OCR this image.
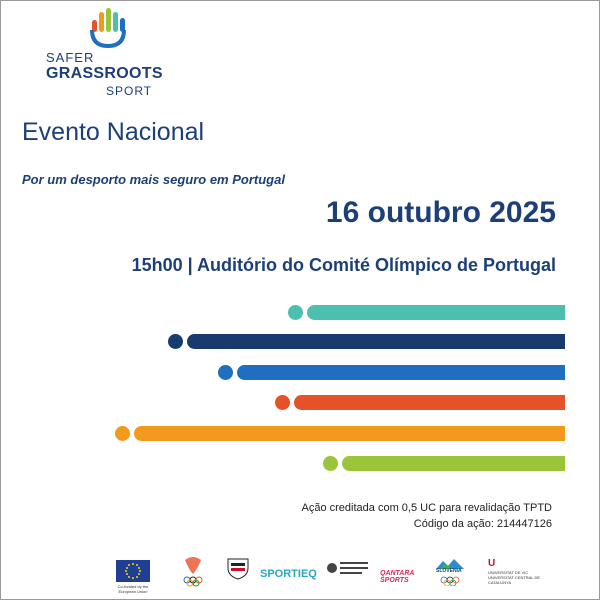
SAFER
GRASSROOTS
SPORT
Evento Nacional
Por um desporto mais seguro em Portugal
16 outubro 2025
15h00 | Auditório do Comité Olímpico de Portugal
Ação creditada com 0,5 UC para revalidação TPTD
Código da ação: 214447126
Co-funded by the European Union
SPORTIEQ	QANTARA SPORTS
SLOVENIA
U
UNIVERSITAT DE VIC UNIVERSITAT CENTRAL DE CATALUNYA
